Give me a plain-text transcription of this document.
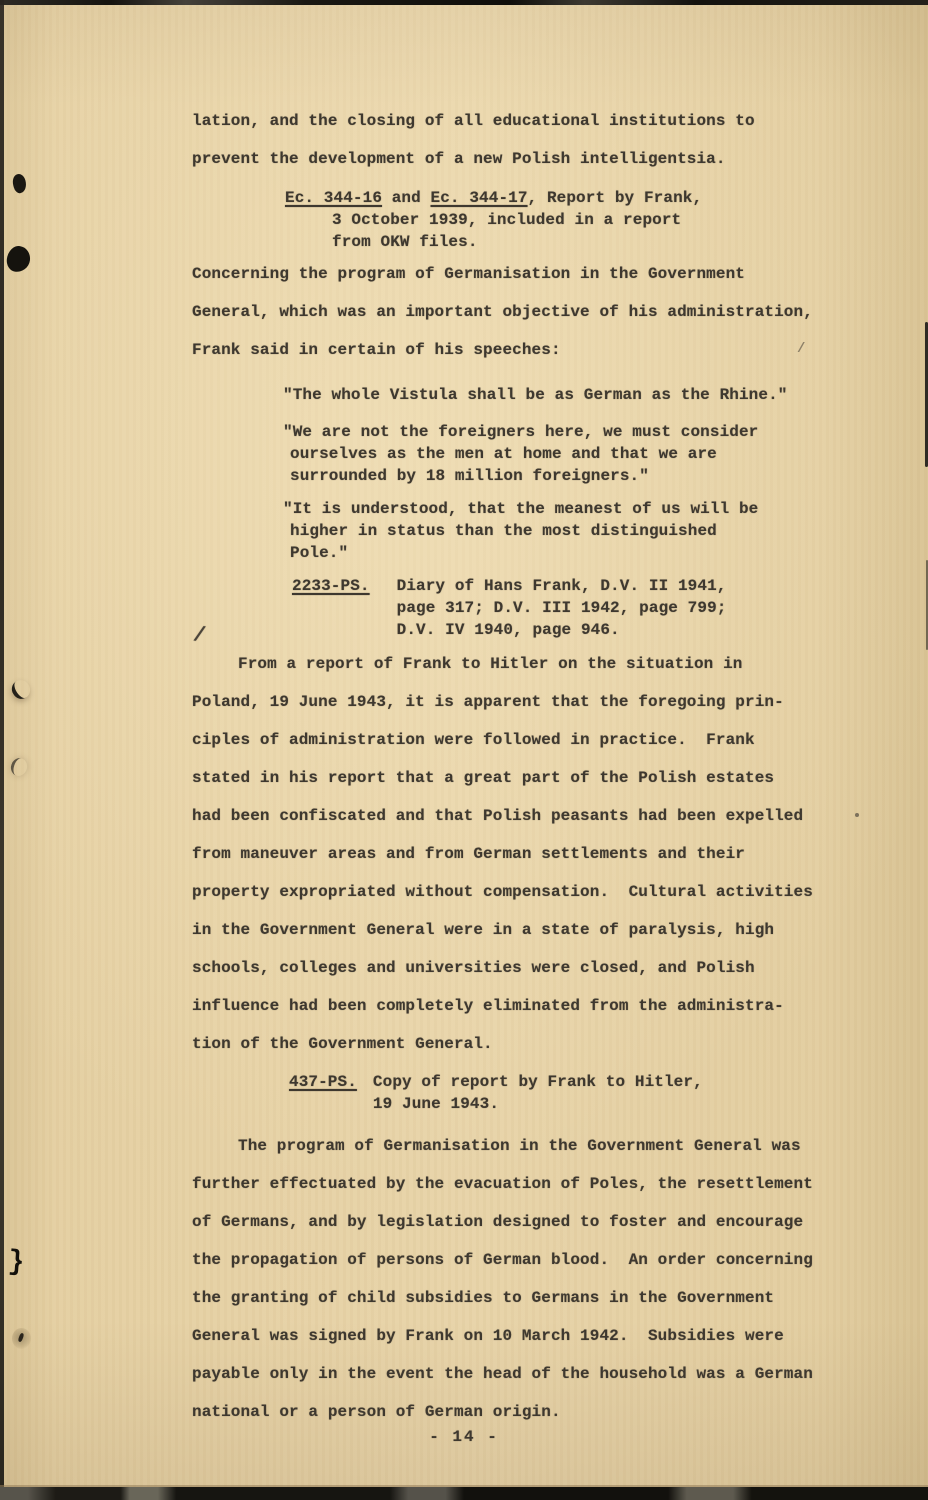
}
/
/
lation, and the closing of all educational institutions to
prevent the development of a new Polish intelligentsia.
Ec. 344-16 and Ec. 344-17, Report by Frank,
3 October 1939, included in a report
from OKW files.
Concerning the program of Germanisation in the Government
General, which was an important objective of his administration,
Frank said in certain of his speeches:
"The whole Vistula shall be as German as the Rhine."
"We are not the foreigners here, we must consider
ourselves as the men at home and that we are
surrounded by 18 million foreigners."
"It is understood, that the meanest of us will be
higher in status than the most distinguished
Pole."
2233-PS. Diary of Hans Frank, D.V. II 1941,
page 317; D.V. III 1942, page 799;
D.V. IV 1940, page 946.
From a report of Frank to Hitler on the situation in
Poland, 19 June 1943, it is apparent that the foregoing prin-
ciples of administration were followed in practice.  Frank
stated in his report that a great part of the Polish estates
had been confiscated and that Polish peasants had been expelled
from maneuver areas and from German settlements and their
property expropriated without compensation.  Cultural activities
in the Government General were in a state of paralysis, high
schools, colleges and universities were closed, and Polish
influence had been completely eliminated from the administra-
tion of the Government General.
437-PS. Copy of report by Frank to Hitler,
19 June 1943.
The program of Germanisation in the Government General was
further effectuated by the evacuation of Poles, the resettlement
of Germans, and by legislation designed to foster and encourage
the propagation of persons of German blood.  An order concerning
the granting of child subsidies to Germans in the Government
General was signed by Frank on 10 March 1942.  Subsidies were
payable only in the event the head of the household was a German
national or a person of German origin.
- 14 -
